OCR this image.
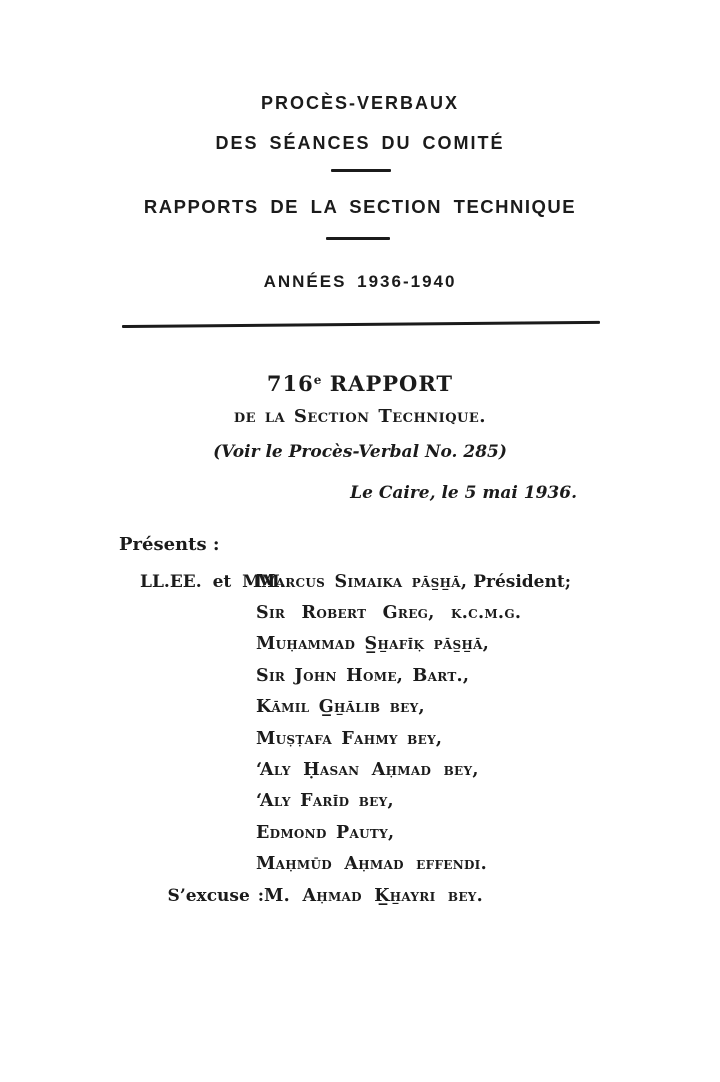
PROCÈS-VERBAUX
DES SÉANCES DU COMITÉ
RAPPORTS DE LA SECTION TECHNIQUE
ANNÉES 1936-1940
716e RAPPORT
de la Section Technique.
(Voir le Procès-Verbal No. 285)
Le Caire, le 5 mai 1936.
Présents :
LL.EE. et MM.
Marcus Simaika pās̲h̲ā, Président;
Sir Robert Greg, k.c.m.g.
Muḥammad S̲h̲afīḳ pās̲h̲ā,
Sir John Home, Bart.,
Kāmil G̲h̲ālib bey,
Muṣṭafa Fahmy bey,
‘Aly Ḥasan Aḥmad bey,
‘Aly Farīd bey,
Edmond Pauty,
Maḥmūd Aḥmad effendi.
S’excuse : M. Aḥmad K̲h̲ayri bey.
